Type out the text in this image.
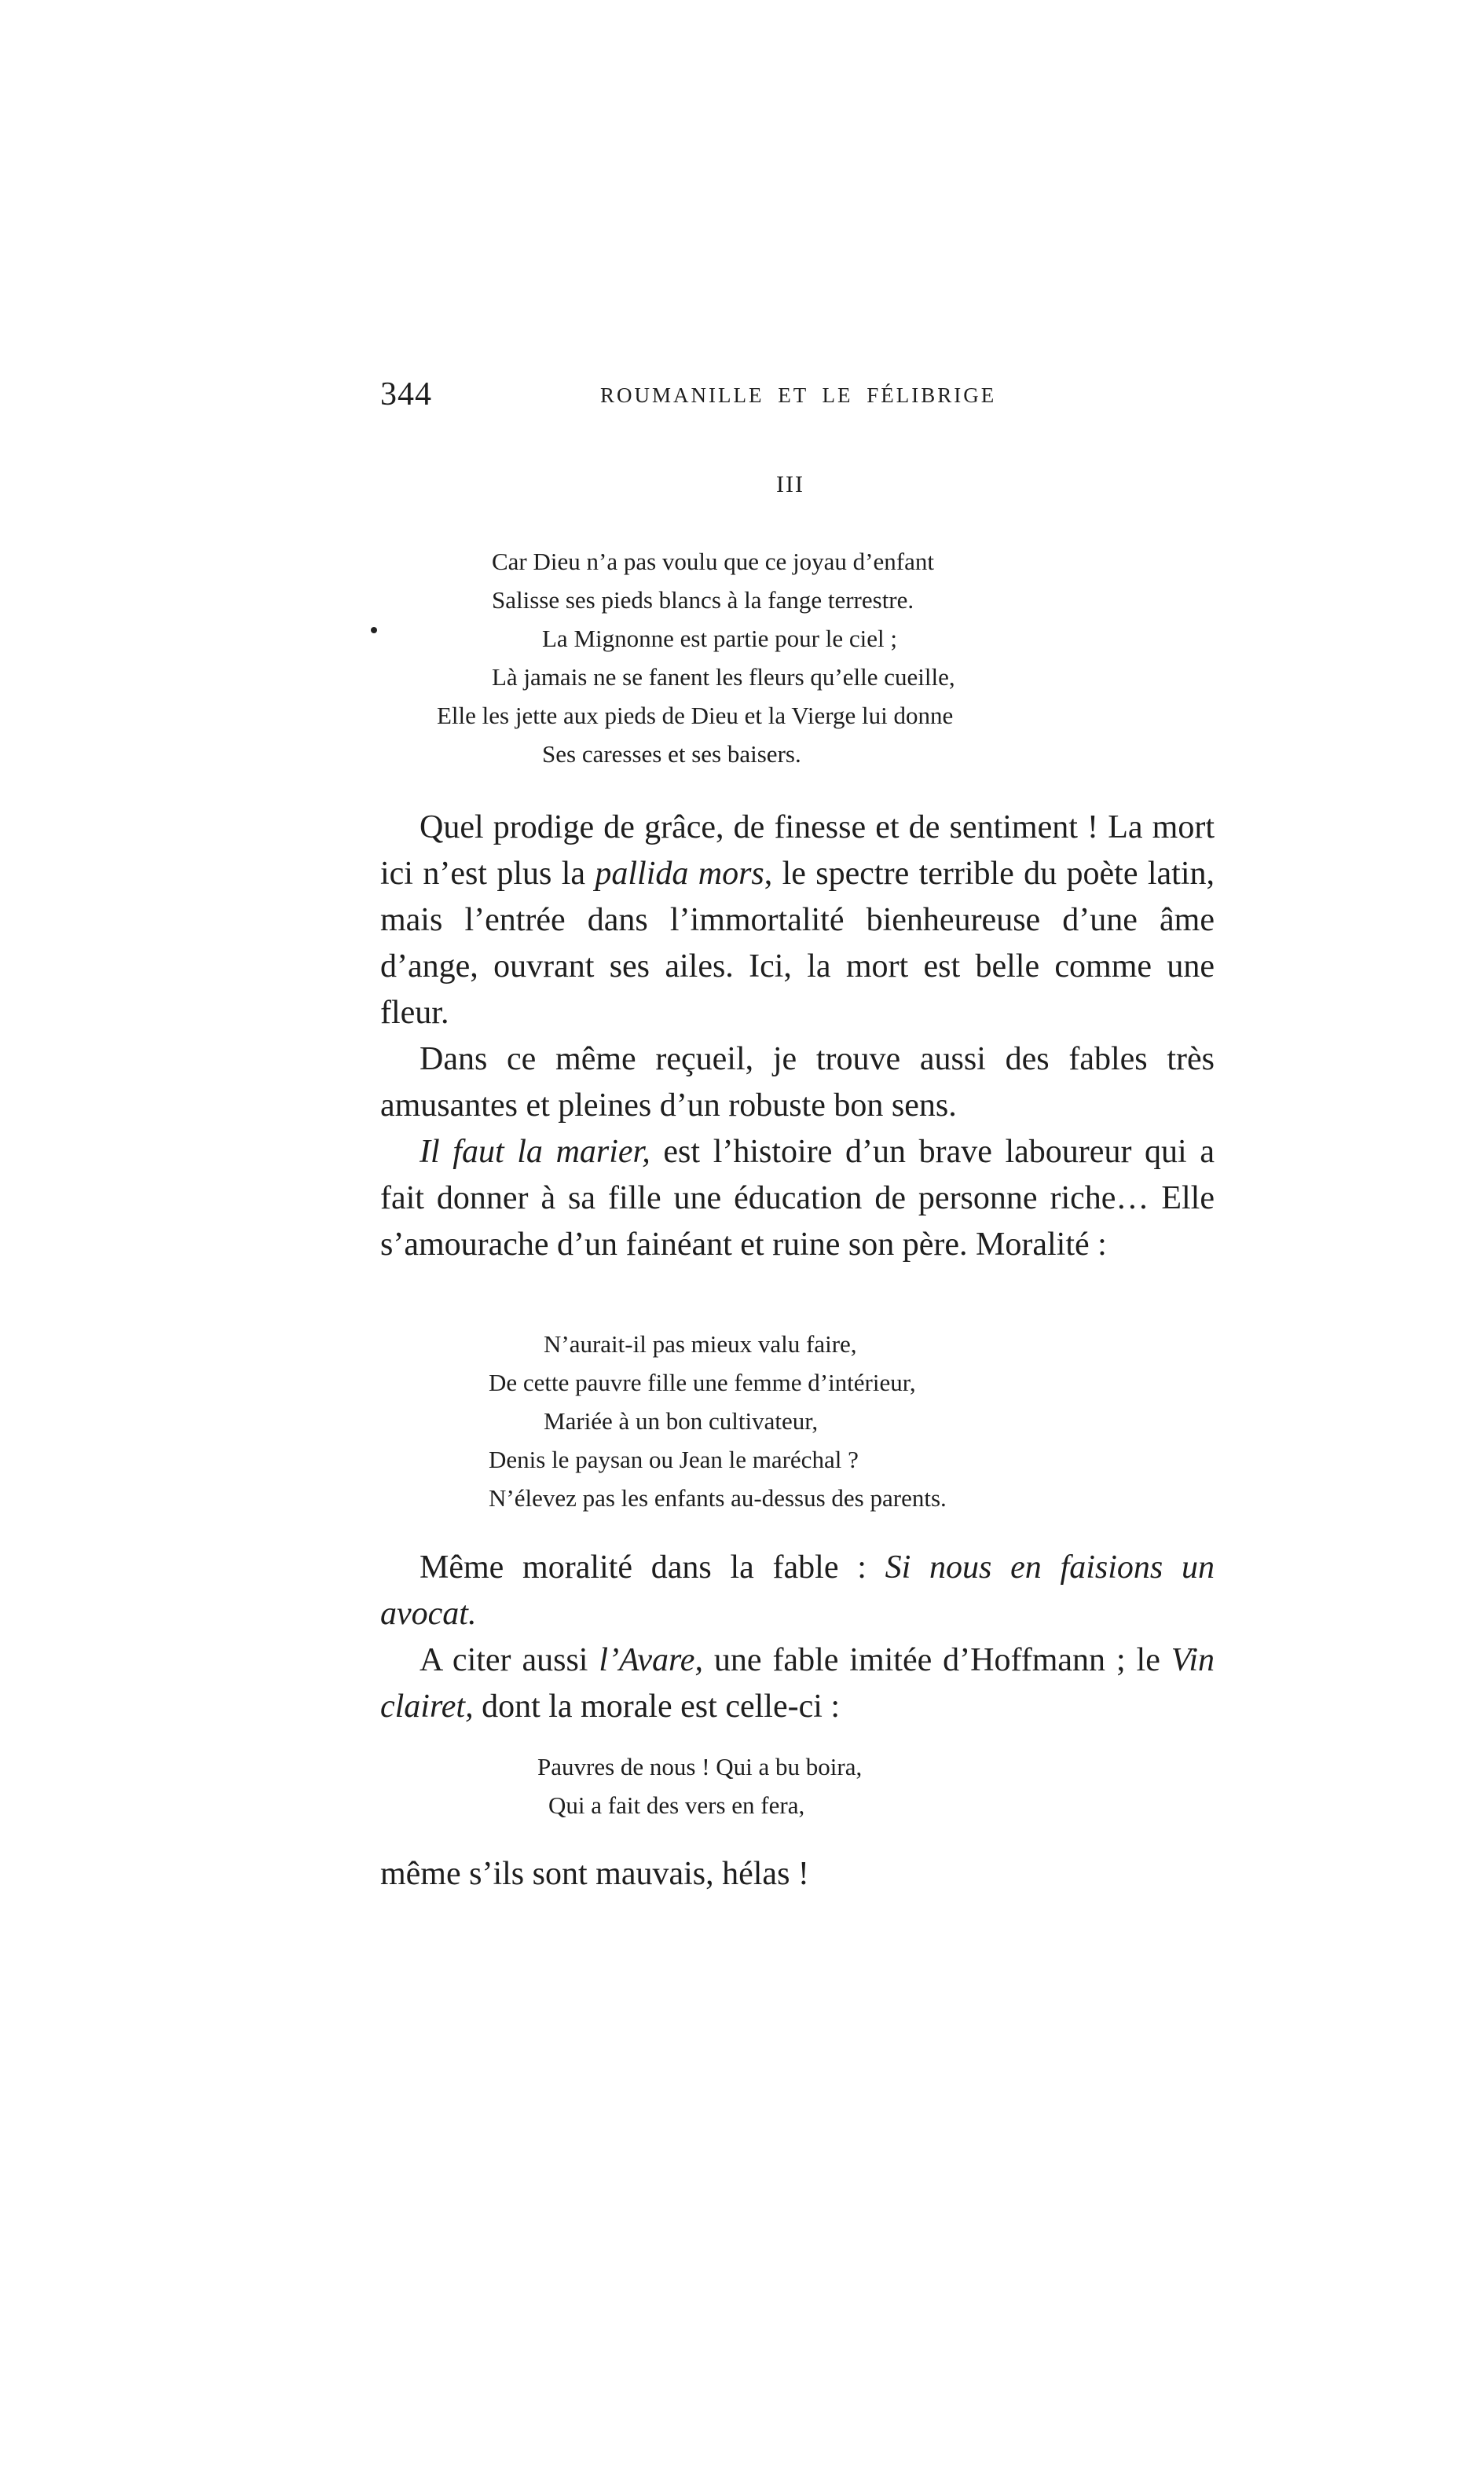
344	ROUMANILLE ET LE FÉLIBRIGE
III
Car Dieu n’a pas voulu que ce joyau d’enfant
Salisse ses pieds blancs à la fange terrestre.
La Mignonne est partie pour le ciel ;
Là jamais ne se fanent les fleurs qu’elle cueille,
Elle les jette aux pieds de Dieu et la Vierge lui donne
Ses caresses et ses baisers.

Quel prodige de grâce, de finesse et de sentiment ! La mort ici n’est plus la pallida mors, le spectre terrible du poète latin, mais l’entrée dans l’immortalité bienheureuse d’une âme d’ange, ouvrant ses ailes. Ici, la mort est belle comme une fleur.

Dans ce même reçueil, je trouve aussi des fables très amusantes et pleines d’un robuste bon sens.

Il faut la marier, est l’histoire d’un brave laboureur qui a fait donner à sa fille une éducation de personne riche… Elle s’amourache d’un fainéant et ruine son père. Moralité :

N’aurait-il pas mieux valu faire,
De cette pauvre fille une femme d’intérieur,
Mariée à un bon cultivateur,
Denis le paysan ou Jean le maréchal ?
N’élevez pas les enfants au-dessus des parents.

Même moralité dans la fable : Si nous en faisions un avocat.

A citer aussi l’Avare, une fable imitée d’Hoffmann ; le Vin clairet, dont la morale est celle-ci :

Pauvres de nous ! Qui a bu boira,
Qui a fait des vers en fera,

même s’ils sont mauvais, hélas !
